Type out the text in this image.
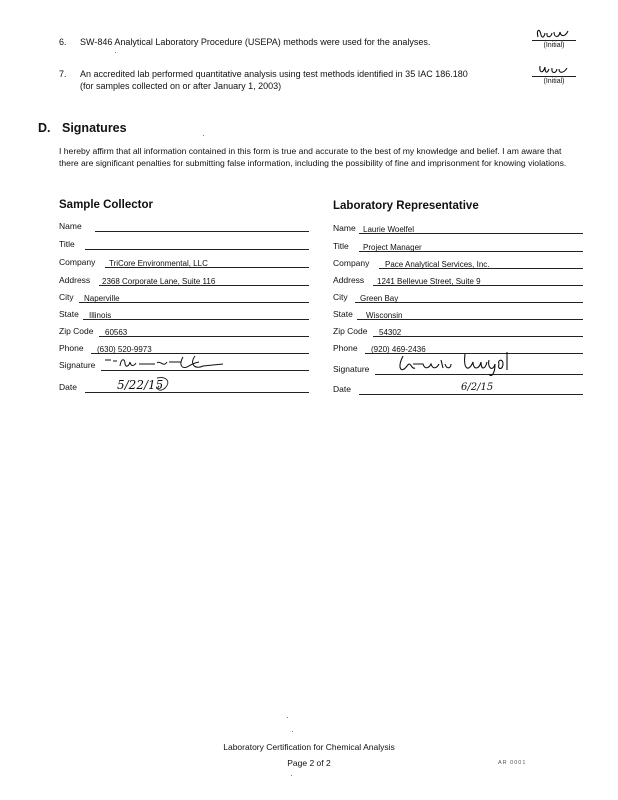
6. SW-846 Analytical Laboratory Procedure (USEPA) methods were used for the analyses.	(Initial)
7. An accredited lab performed quantitative analysis using test methods identified in 35 IAC 186.180 (for samples collected on or after January 1, 2003)	(Initial)
D. Signatures
I hereby affirm that all information contained in this form is true and accurate to the best of my knowledge and belief. I am aware that there are significant penalties for submitting false information, including the possibility of fine and imprisonment for knowing violations.
Sample Collector
Name
Title
Company TriCore Environmental, LLC
Address 2368 Corporate Lane, Suite 116
City Naperville
State Illinois
Zip Code 60563
Phone (630) 520-9973
Signature
Date	5/22/15
Laboratory Representative
Name Laurie Woelfel
Title Project Manager
Company Pace Analytical Services, Inc.
Address 1241 Bellevue Street, Suite 9
City Green Bay
State Wisconsin
Zip Code 54302
Phone (920) 469-2436
Signature
Date	6/2/15
Laboratory Certification for Chemical Analysis
Page 2 of 2	AR 0001
